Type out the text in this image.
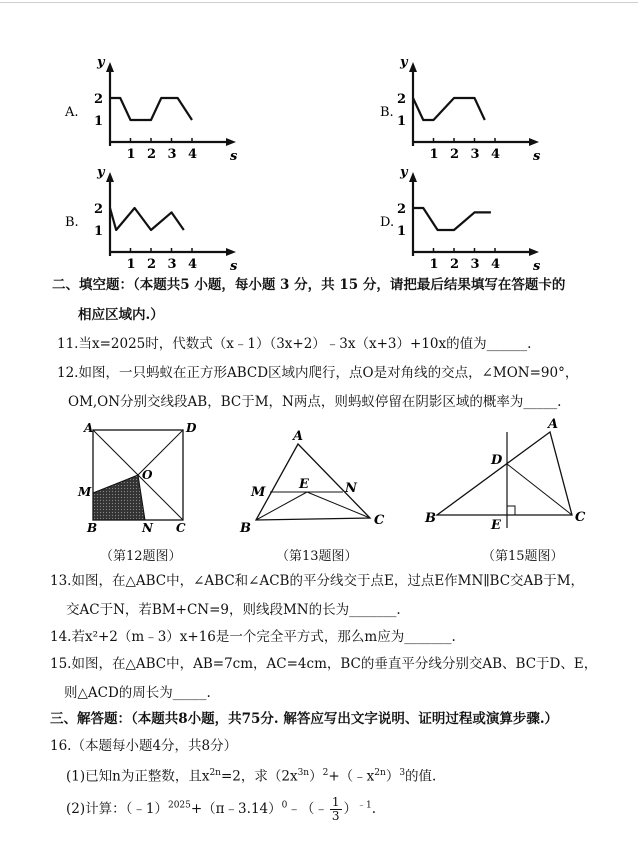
y
s
1 2 3 4
1
2
A.
y
s
1 2 3 4
1
2
B.
y
s
1 2 3 4
1
2
B.
y
s
1 2 3 4
1
2
D.
二、填空题：（本题共5 小题，每小题 3 分，共 15 分，请把最后结果填写在答题卡的
相应区域内.）
11.当x=2025时，代数式（x﹣1）（3x+2）﹣3x（x+3）+10x的值为______.
12.如图，一只蚂蚁在正方形ABCD区域内爬行，点O是对角线的交点，∠MON=90°，
OM,ON分别交线段AB，BC于M，N两点，则蚂蚁停留在阴影区域的概率为_____.
A	D
O
M
B	N C
A
M
E	N
B
C
A
D
B	E
C
（第12题图）	（第13题图）	（第15题图）
13.如图，在△ABC中，∠ABC和∠ACB的平分线交于点E，过点E作MN∥BC交AB于M，
交AC于N，若BM+CN=9，则线段MN的长为_______.
14.若x²+2（m﹣3）x+16是一个完全平方式，那么m应为_______.
15.如图，在△ABC中，AB=7cm，AC=4cm，BC的垂直平分线分别交AB、BC于D、E，
则△ACD的周长为_____.
三、解答题：（本题共8小题，共75分. 解答应写出文字说明、证明过程或演算步骤.）
16.（本题每小题4分，共8分）
(1)已知n为正整数，且$x^{2n}=2$，求$(2x^{3n})^2+(﹣x^{2n})^3$的值.
(2)计算：（﹣1）$^{2025}$+（π﹣3.14）$^0$﹣（﹣ $\frac{1}{3} )^{﹣1}$.
